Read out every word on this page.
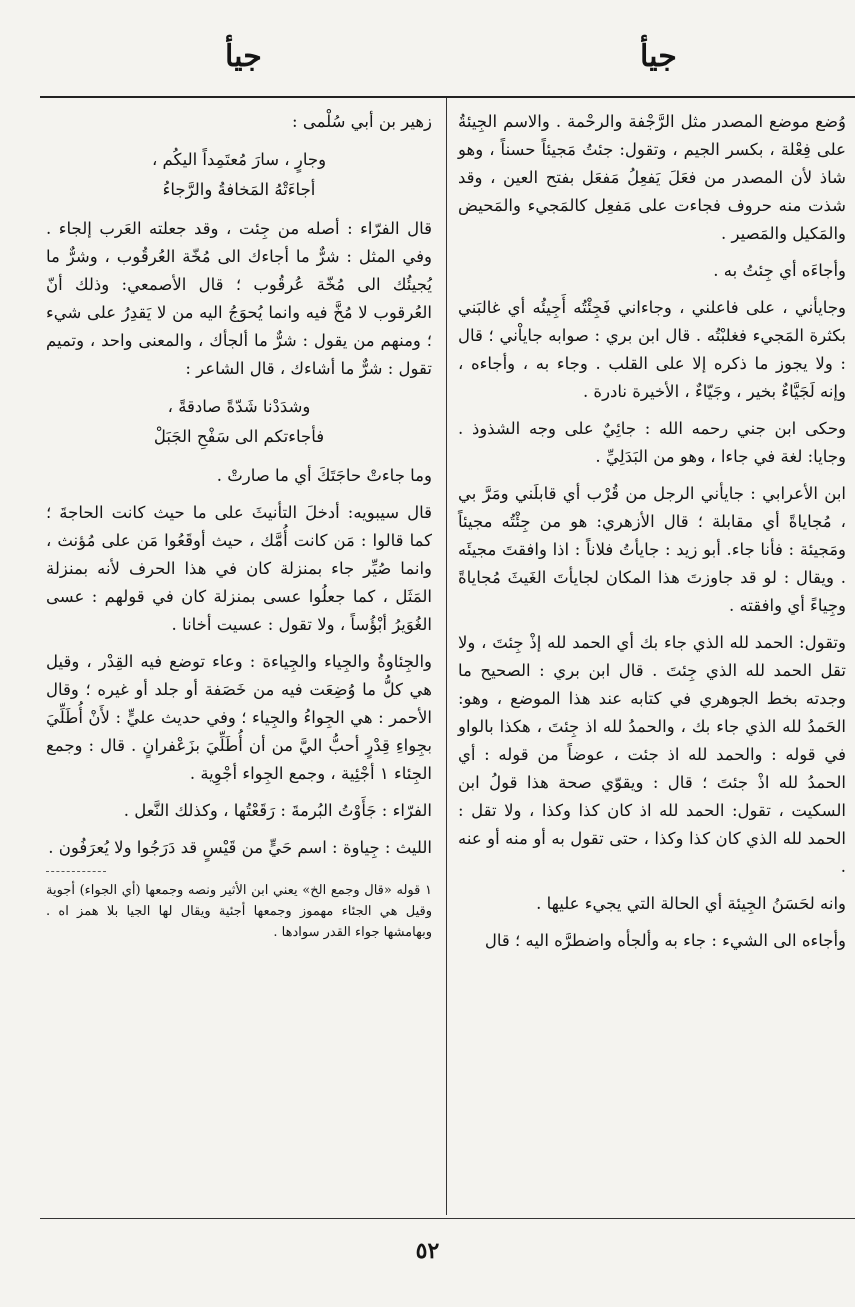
جيأ
جيأ

وُضع موضع المصدر مثل الرَّجْفة والرحْمة . والاسم الجِيئةُ على فِعْلة ، بكسر الجيم ، وتقول: جئتُ مَجيئاً حسناً ، وهو شاذ لأن المصدر من فعَلَ يَفعِلُ مَفعَل بفتح العين ، وقد شذت منه حروف فجاءت على مَفعِل كالمَجيء والمَحيض والمَكيل والمَصير .

وأجاءَه أي جِئتُ به .

وجايأني ، على فاعلني ، وجاءاني فَجِئْتُه أَجِيئُه أي غالبَني بكثرة المَجيء فغلبْتُه . قال ابن بري : صوابه جاياْني ؛ قال : ولا يجوز ما ذكره إلا على القلب . وجاء به ، وأجاءه ، وإنه لَجَيَّاءٌ بخير ، وجَيّاءٌ ، الأخيرة نادرة .

وحكى ابن جني رحمه الله : جائِيٌ على وجه الشذوذ . وجايا: لغة في جاءا ، وهو من البَدَلِيِّ .

ابن الأعرابي : جايأني الرجل من قُرْب أي قابلَني ومَرَّ بي ، مُجاياةً أي مقابلة ؛ قال الأزهري: هو من جِئْتُه مجيئاً ومَجيئة : فأنا جاء. أبو زيد : جايأتُ فلاناً : اذا وافقتَ مجيئَه . ويقال : لو قد جاوزتَ هذا المكان لجايأتَ الغَيثَ مُجاياةً وجِياءً أي وافقته .

وتقول: الحمد لله الذي جاء بك أي الحمد لله إذْ جِئتَ ، ولا تقل الحمد لله الذي جِئتَ . قال ابن بري : الصحيح ما وجدته بخط الجوهري في كتابه عند هذا الموضع ، وهو: الحَمدُ لله الذي جاء بك ، والحمدُ لله اذ جِئتَ ، هكذا بالواو في قوله : والحمد لله اذ جئت ، عوضاً من قوله : أي الحمدُ لله اذْ جئتَ ؛ قال : ويقوّي صحة هذا قولُ ابن السكيت ، تقول: الحمد لله اذ كان كذا وكذا ، ولا تقل : الحمد لله الذي كان كذا وكذا ، حتى تقول به أو منه أو عنه .

وانه لحَسَنُ الجِيئة أي الحالة التي يجيء عليها .

وأجاءه الى الشيء : جاء به وألجأه واضطرَّه اليه ؛ قال

زهير بن أبي سُلْمى :

وجارٍ ، سارَ مُعتَمِداً اليكُم ،
أجاءَتْهُ المَخافةُ والرَّجاءُ

قال الفرّاء : أصله من جِئت ، وقد جعلته العَرب إلجاء . وفي المثل : شرٌّ ما أجاءك الى مُخّة العُرقُوب ، وشرٌّ ما يُجيئُك الى مُخّة عُرقُوب ؛ قال الأصمعي: وذلك أنّ العُرقوب لا مُخَّ فيه وانما يُحوَجُ اليه من لا يَقدِرُ على شيء ؛ ومنهم من يقول : شرٌّ ما ألجأك ، والمعنى واحد ، وتميم تقول : شرٌّ ما أشاءك ، قال الشاعر :

وشدَدْنا شَدّةً صادقةً ،
فأجاءتكم الى سَفْحِ الجَبَلْ

وما جاءتْ حاجَتَكَ أي ما صارتْ .

قال سيبويه: أدخلَ التأنيثَ على ما حيث كانت الحاجةَ ؛ كما قالوا : مَن كانت أُمَّك ، حيث أوقَعُوا مَن على مُؤنث ، وانما صُيِّر جاء بمنزلة كان في هذا الحرف لأنه بمنزلة المَثَل ، كما جعلُوا عسى بمنزلة كان في قولهم : عسى الغُوَيرُ أبْؤُساً ، ولا تقول : عسيت أخانا .

والجِئاوةُ والجِياء والجِياءة : وعاء توضع فيه القِدْر ، وقيل هي كلُّ ما وُضِعَت فيه من خَصَفة أو جلد أو غيره ؛ وقال الأحمر : هي الجِواءُ والجِياء ؛ وفي حديث عليٍّ : لأَنْ أُطَلِّيَ بجِواءِ قِدْرٍ أحبُّ اليَّ من أن أُطَلِّيَ بزَعْفرانٍ . قال : وجمع الجِئاء ١ أجْئِية ، وجمع الجِواء أجْوِية .

الفرّاء : جَأَوْتُ البُرمةَ : رَقَعْتُها ، وكذلك النَّعل .

الليث : جِياوة : اسم حَيٍّ من قَيْسٍ قد دَرَجُوا ولا يُعرَفُون .

١ قوله «قال وجمع الخ» يعني ابن الأثير ونصه وجمعها (أي الجواء) أجوية وقيل هي الجئاء مهموز وجمعها أجئية ويقال لها الجيا بلا همز اه . وبهامشها جواء القدر سوادها .

٥٢
